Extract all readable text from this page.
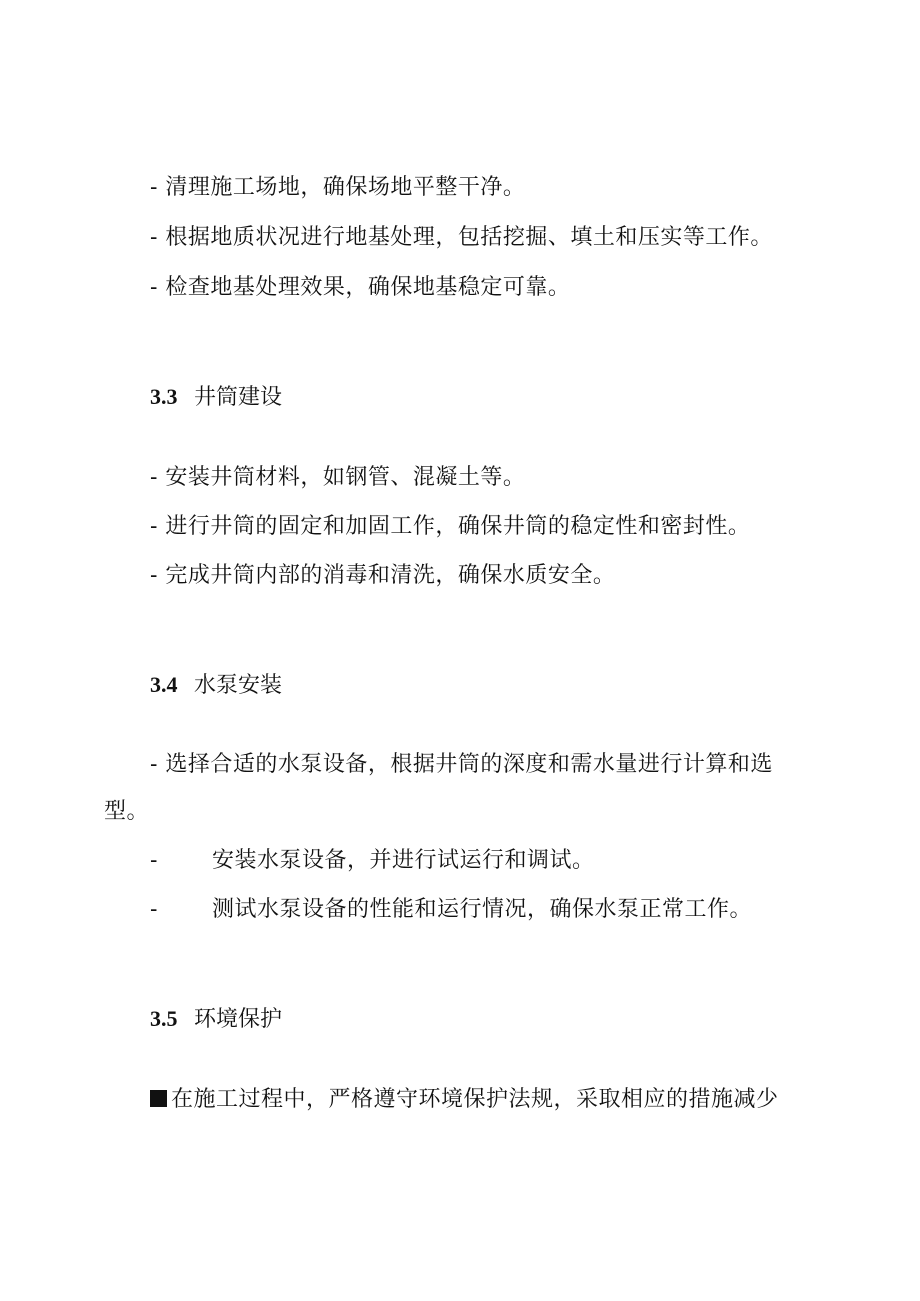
- 清理施工场地，确保场地平整干净。
- 根据地质状况进行地基处理，包括挖掘、填土和压实等工作。
- 检查地基处理效果，确保地基稳定可靠。
3.3 井筒建设
- 安装井筒材料，如钢管、混凝土等。
- 进行井筒的固定和加固工作，确保井筒的稳定性和密封性。
- 完成井筒内部的消毒和清洗，确保水质安全。
3.4 水泵安装
- 选择合适的水泵设备，根据井筒的深度和需水量进行计算和选
型。
- 安装水泵设备，并进行试运行和调试。
- 测试水泵设备的性能和运行情况，确保水泵正常工作。
3.5 环境保护
在施工过程中，严格遵守环境保护法规，采取相应的措施减少
